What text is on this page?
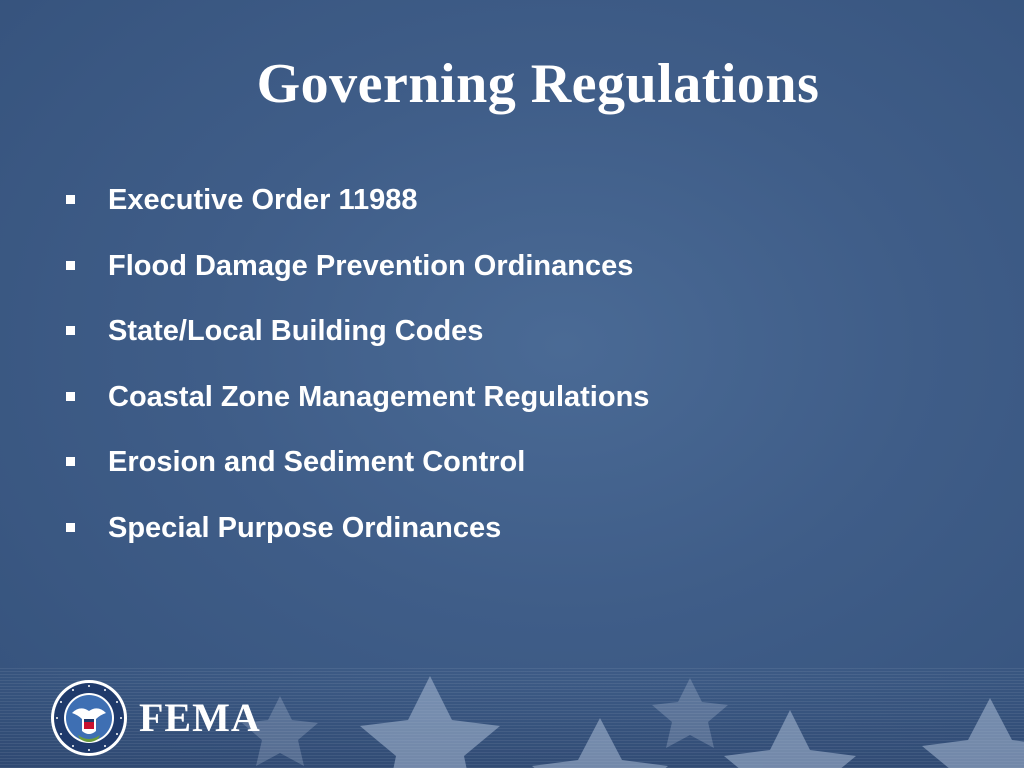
Governing Regulations
Executive Order 11988
Flood Damage Prevention Ordinances
State/Local Building Codes
Coastal Zone Management Regulations
Erosion and Sediment Control
Special Purpose Ordinances
FEMA
